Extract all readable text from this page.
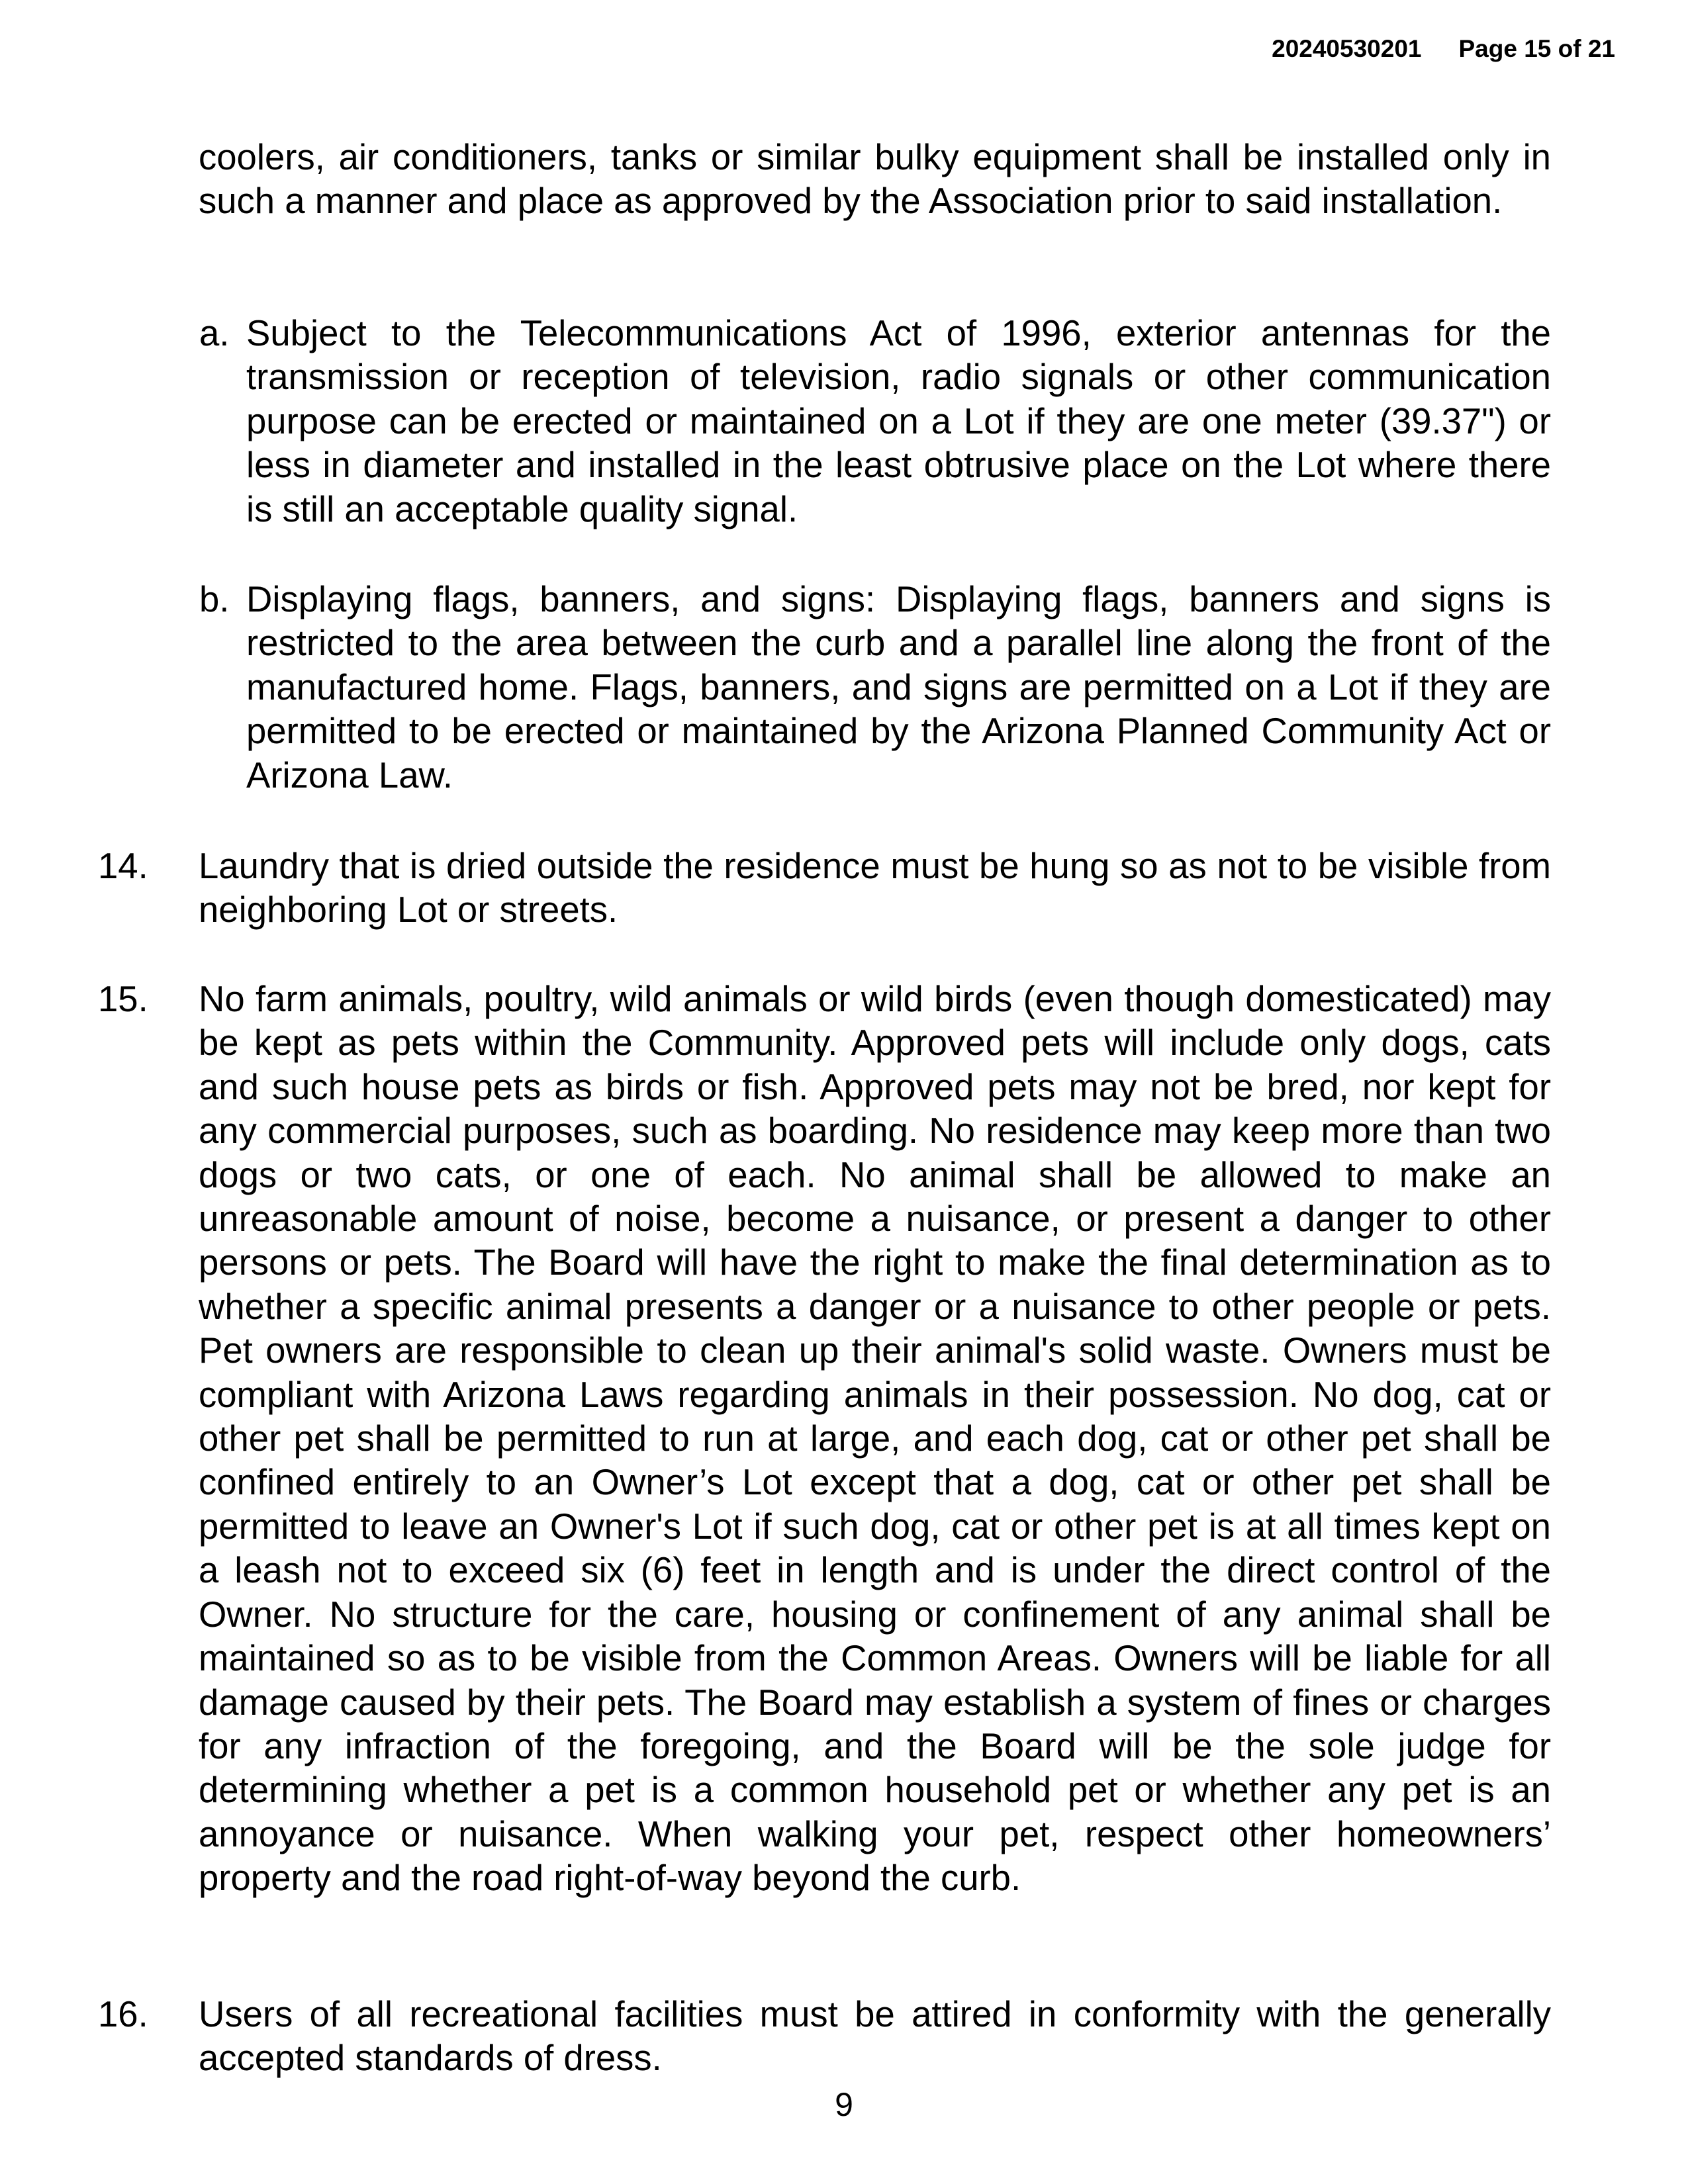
20240530201 Page 15 of 21
coolers, air conditioners, tanks or similar bulky equipment shall be installed only in such a manner and place as approved by the Association prior to said installation.
a. Subject to the Telecommunications Act of 1996, exterior antennas for the transmission or reception of television, radio signals or other communication purpose can be erected or maintained on a Lot if they are one meter (39.37") or less in diameter and installed in the least obtrusive place on the Lot where there is still an acceptable quality signal.
b. Displaying flags, banners, and signs: Displaying flags, banners and signs is restricted to the area between the curb and a parallel line along the front of the manufactured home. Flags, banners, and signs are permitted on a Lot if they are permitted to be erected or maintained by the Arizona Planned Community Act or Arizona Law.
14. Laundry that is dried outside the residence must be hung so as not to be visible from neighboring Lot or streets.
15. No farm animals, poultry, wild animals or wild birds (even though domesticated) may be kept as pets within the Community. Approved pets will include only dogs, cats and such house pets as birds or fish. Approved pets may not be bred, nor kept for any commercial purposes, such as boarding. No residence may keep more than two dogs or two cats, or one of each. No animal shall be allowed to make an unreasonable amount of noise, become a nuisance, or present a danger to other persons or pets. The Board will have the right to make the final determination as to whether a specific animal presents a danger or a nuisance to other people or pets. Pet owners are responsible to clean up their animal's solid waste. Owners must be compliant with Arizona Laws regarding animals in their possession. No dog, cat or other pet shall be permitted to run at large, and each dog, cat or other pet shall be confined entirely to an Owner’s Lot except that a dog, cat or other pet shall be permitted to leave an Owner's Lot if such dog, cat or other pet is at all times kept on a leash not to exceed six (6) feet in length and is under the direct control of the Owner. No structure for the care, housing or confinement of any animal shall be maintained so as to be visible from the Common Areas. Owners will be liable for all damage caused by their pets. The Board may establish a system of fines or charges for any infraction of the foregoing, and the Board will be the sole judge for determining whether a pet is a common household pet or whether any pet is an annoyance or nuisance. When walking your pet, respect other homeowners’ property and the road right-of-way beyond the curb.
16. Users of all recreational facilities must be attired in conformity with the generally accepted standards of dress.
9
